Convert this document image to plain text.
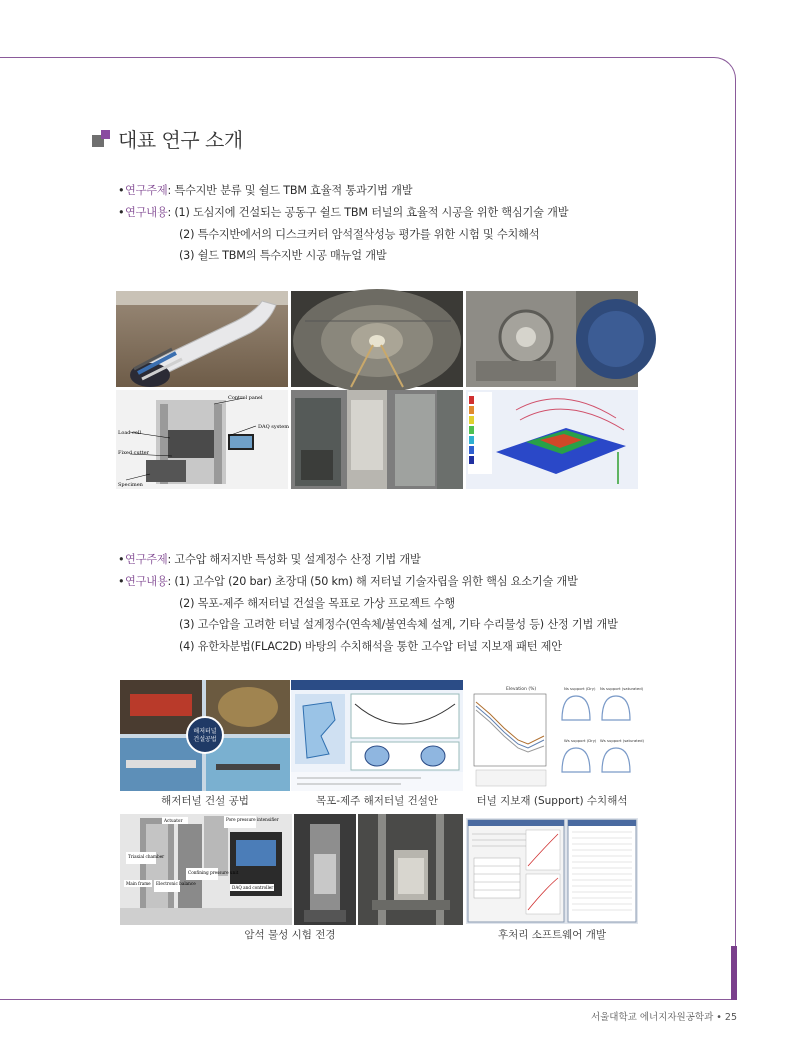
대표 연구 소개
• 연구주제 : 특수지반 분류 및 쉴드 TBM 효율적 통과기법 개발
• 연구내용 : (1) 도심지에 건설되는 공동구 쉴드 TBM 터널의 효율적 시공을 위한 핵심기술 개발
(2) 특수지반에서의 디스크커터 암석절삭성능 평가를 위한 시험 및 수치해석
(3) 쉴드 TBM의 특수지반 시공 매뉴얼 개발
Control panel
DAQ system
Load cell
Fixed cutter
Specimen
• 연구주제 : 고수압 해저지반 특성화 및 설계정수 산정 기법 개발
• 연구내용 : (1) 고수압 (20 bar) 초장대 (50 km) 해 저터널 기술자립을 위한 핵심 요소기술 개발
(2) 목포-제주 해저터널 건설을 목표로 가상 프로젝트 수행
(3) 고수압을 고려한 터널 설계정수(연속체/불연속체 설계, 기타 수리물성 등) 산정 기법 개발
(4) 유한차분법(FLAC2D) 바탕의 수치해석을 통한 고수압 터널 지보재 패턴 제안
해저터널
건설공법
Elevation (%)	Ns support (Dry) Ns support (saturated)
Ws support (Dry) Ws support (saturated)
해저터널 건설 공법	목포-제주 해저터널 건설안	터널 지보재 (Support) 수치해석
Actuator	Pore pressure intensifier
Triaxial chamber
Main frame Electronic balance
Confining pressure unit
DAQ and controller
암석 물성 시험 전경	후처리 소프트웨어 개발
서울대학교 에너지자원공학과 • 25
